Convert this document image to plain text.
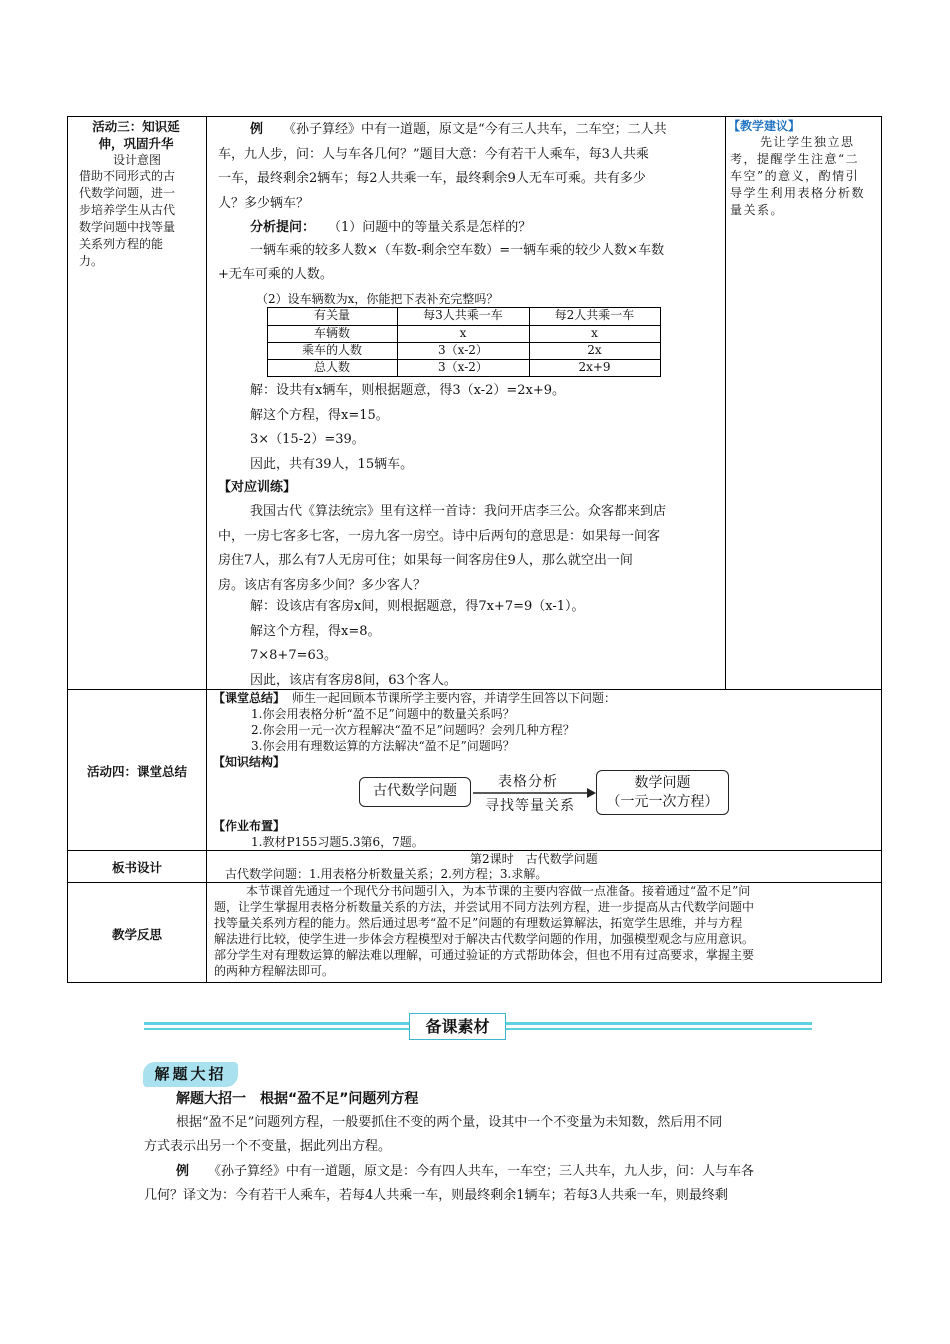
活动三：知识延伸，巩固升华
设计意图
借助不同形式的古
代数学问题，进一
步培养学生从古代
数学问题中找等量
关系列方程的能
力。
例 《孙子算经》中有一道题，原文是“今有三人共车，二车空；二人共
车，九人步，问：人与车各几何？”题目大意：今有若干人乘车，每3人共乘
一车，最终剩余2辆车；每2人共乘一车，最终剩余9人无车可乘。共有多少
人？多少辆车？
分析提问： （1）问题中的等量关系是怎样的？
一辆车乘的较多人数×（车数-剩余空车数）=一辆车乘的较少人数×车数
+无车可乘的人数。
（2）设车辆数为x，你能把下表补充完整吗？
有关量	每3人共乘一车	每2人共乘一车
车辆数	x	x
乘车的人数	3（x-2）	2x
总人数	3（x-2）	2x+9
解：设共有x辆车，则根据题意，得3（x-2）=2x+9。
解这个方程，得x=15。
3×（15-2）=39。
因此，共有39人，15辆车。
【对应训练】
我国古代《算法统宗》里有这样一首诗：我问开店李三公。众客都来到店
中，一房七客多七客，一房九客一房空。诗中后两句的意思是：如果每一间客
房住7人，那么有7人无房可住；如果每一间客房住9人，那么就空出一间
房。该店有客房多少间？多少客人？
解：设该店有客房x间，则根据题意，得7x+7=9（x-1）。
解这个方程，得x=8。
7×8+7=63。
因此，该店有客房8间，63个客人。
【教学建议】
先让学生独立思
考，提醒学生注意“二
车空”的意义，酌情引
导学生利用表格分析数
量关系。
活动四：课堂总结
【课堂总结】 师生一起回顾本节课所学主要内容，并请学生回答以下问题：
1.你会用表格分析“盈不足”问题中的数量关系吗？
2.你会用一元一次方程解决“盈不足”问题吗？会列几种方程？
3.你会用有理数运算的方法解决“盈不足”问题吗？
【知识结构】
古代数学问题
表格分析
寻找等量关系
数学问题
（一元一次方程）
【作业布置】
1.教材P155习题5.3第6，7题。
板书设计
第2课时　古代数学问题
古代数学问题：1.用表格分析数量关系；2.列方程；3.求解。
教学反思
本节课首先通过一个现代分书问题引入，为本节课的主要内容做一点准备。接着通过“盈不足”问
题，让学生掌握用表格分析数量关系的方法，并尝试用不同方法列方程，进一步提高从古代数学问题中
找等量关系列方程的能力。然后通过思考“盈不足”问题的有理数运算解法，拓宽学生思维，并与方程
解法进行比较，使学生进一步体会方程模型对于解决古代数学问题的作用，加强模型观念与应用意识。
部分学生对有理数运算的解法难以理解，可通过验证的方式帮助体会，但也不用有过高要求，掌握主要
的两种方程解法即可。
备课素材
解题大招
解题大招一　根据“盈不足”问题列方程
根据“盈不足”问题列方程，一般要抓住不变的两个量，设其中一个不变量为未知数，然后用不同
方式表示出另一个不变量，据此列出方程。
例 《孙子算经》中有一道题，原文是：今有四人共车，一车空；三人共车，九人步，问：人与车各
几何？译文为：今有若干人乘车，若每4人共乘一车，则最终剩余1辆车；若每3人共乘一车，则最终剩
